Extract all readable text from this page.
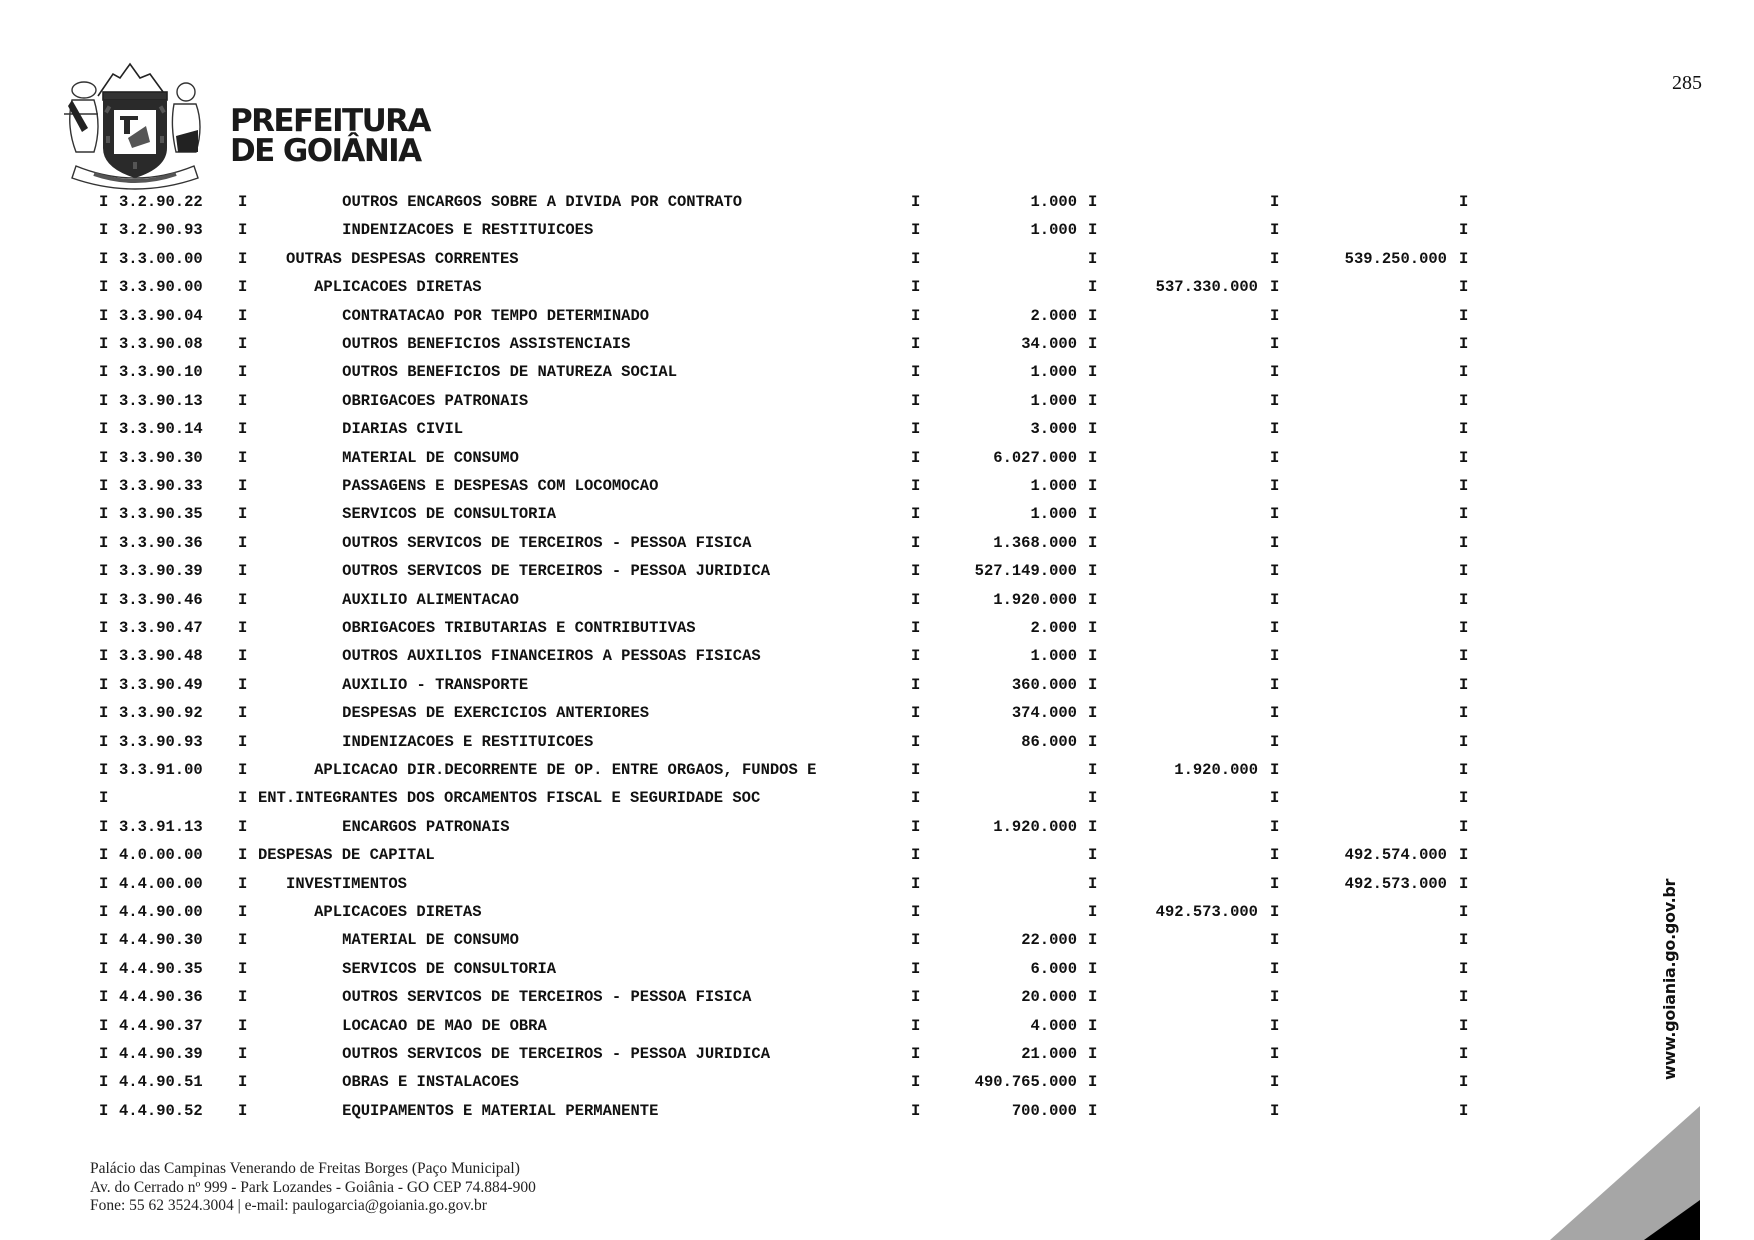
285
PREFEITURA
DE GOIÂNIA
I 3.2.90.22 I	OUTROS ENCARGOS SOBRE A DIVIDA POR CONTRATO	I	1.000 I	I	I
I 3.2.90.93 I	INDENIZACOES E RESTITUICOES	I	1.000 I	I	I
I 3.3.00.00 I OUTRAS DESPESAS CORRENTES	I	I	I	539.250.000 I
I 3.3.90.00 I	APLICACOES DIRETAS	I	I	537.330.000 I	I
I 3.3.90.04 I	CONTRATACAO POR TEMPO DETERMINADO	I	2.000 I	I	I
I 3.3.90.08 I	OUTROS BENEFICIOS ASSISTENCIAIS	I	34.000 I	I	I
I 3.3.90.10 I	OUTROS BENEFICIOS DE NATUREZA SOCIAL	I	1.000 I	I	I
I 3.3.90.13 I	OBRIGACOES PATRONAIS	I	1.000 I	I	I
I 3.3.90.14 I	DIARIAS CIVIL	I	3.000 I	I	I
I 3.3.90.30 I	MATERIAL DE CONSUMO	I	6.027.000 I	I	I
I 3.3.90.33 I	PASSAGENS E DESPESAS COM LOCOMOCAO	I	1.000 I	I	I
I 3.3.90.35 I	SERVICOS DE CONSULTORIA	I	1.000 I	I	I
I 3.3.90.36 I	OUTROS SERVICOS DE TERCEIROS - PESSOA FISICA	I	1.368.000 I	I	I
I 3.3.90.39 I	OUTROS SERVICOS DE TERCEIROS - PESSOA JURIDICA	I	527.149.000 I	I	I
I 3.3.90.46 I	AUXILIO ALIMENTACAO	I	1.920.000 I	I	I
I 3.3.90.47 I	OBRIGACOES TRIBUTARIAS E CONTRIBUTIVAS	I	2.000 I	I	I
I 3.3.90.48 I	OUTROS AUXILIOS FINANCEIROS A PESSOAS FISICAS	I	1.000 I	I	I
I 3.3.90.49 I	AUXILIO - TRANSPORTE	I	360.000 I	I	I
I 3.3.90.92 I	DESPESAS DE EXERCICIOS ANTERIORES	I	374.000 I	I	I
I 3.3.90.93 I	INDENIZACOES E RESTITUICOES	I	86.000 I	I	I
I 3.3.91.00 I	APLICACAO DIR.DECORRENTE DE OP. ENTRE ORGAOS, FUNDOS E	I	I	1.920.000 I	I
I	I ENT.INTEGRANTES DOS ORCAMENTOS FISCAL E SEGURIDADE SOC	I	I	I	I
I 3.3.91.13 I	ENCARGOS PATRONAIS	I	1.920.000 I	I	I
I 4.0.00.00 I DESPESAS DE CAPITAL	I	I	I	492.574.000 I
I 4.4.00.00 I INVESTIMENTOS	I	I	I	492.573.000 I
I 4.4.90.00 I	APLICACOES DIRETAS	I	I	492.573.000 I	I
I 4.4.90.30 I	MATERIAL DE CONSUMO	I	22.000 I	I	I
I 4.4.90.35 I	SERVICOS DE CONSULTORIA	I	6.000 I	I	I
I 4.4.90.36 I	OUTROS SERVICOS DE TERCEIROS - PESSOA FISICA	I	20.000 I	I	I
I 4.4.90.37 I	LOCACAO DE MAO DE OBRA	I	4.000 I	I	I
I 4.4.90.39 I	OUTROS SERVICOS DE TERCEIROS - PESSOA JURIDICA	I	21.000 I	I	I
I 4.4.90.51 I	OBRAS E INSTALACOES	I	490.765.000 I	I	I
I 4.4.90.52 I	EQUIPAMENTOS E MATERIAL PERMANENTE	I	700.000 I	I	I
Palácio das Campinas Venerando de Freitas Borges (Paço Municipal)
Av. do Cerrado nº 999 - Park Lozandes - Goiânia - GO CEP 74.884-900
Fone: 55 62 3524.3004 | e-mail: paulogarcia@goiania.go.gov.br
www.goiania.go.gov.br
